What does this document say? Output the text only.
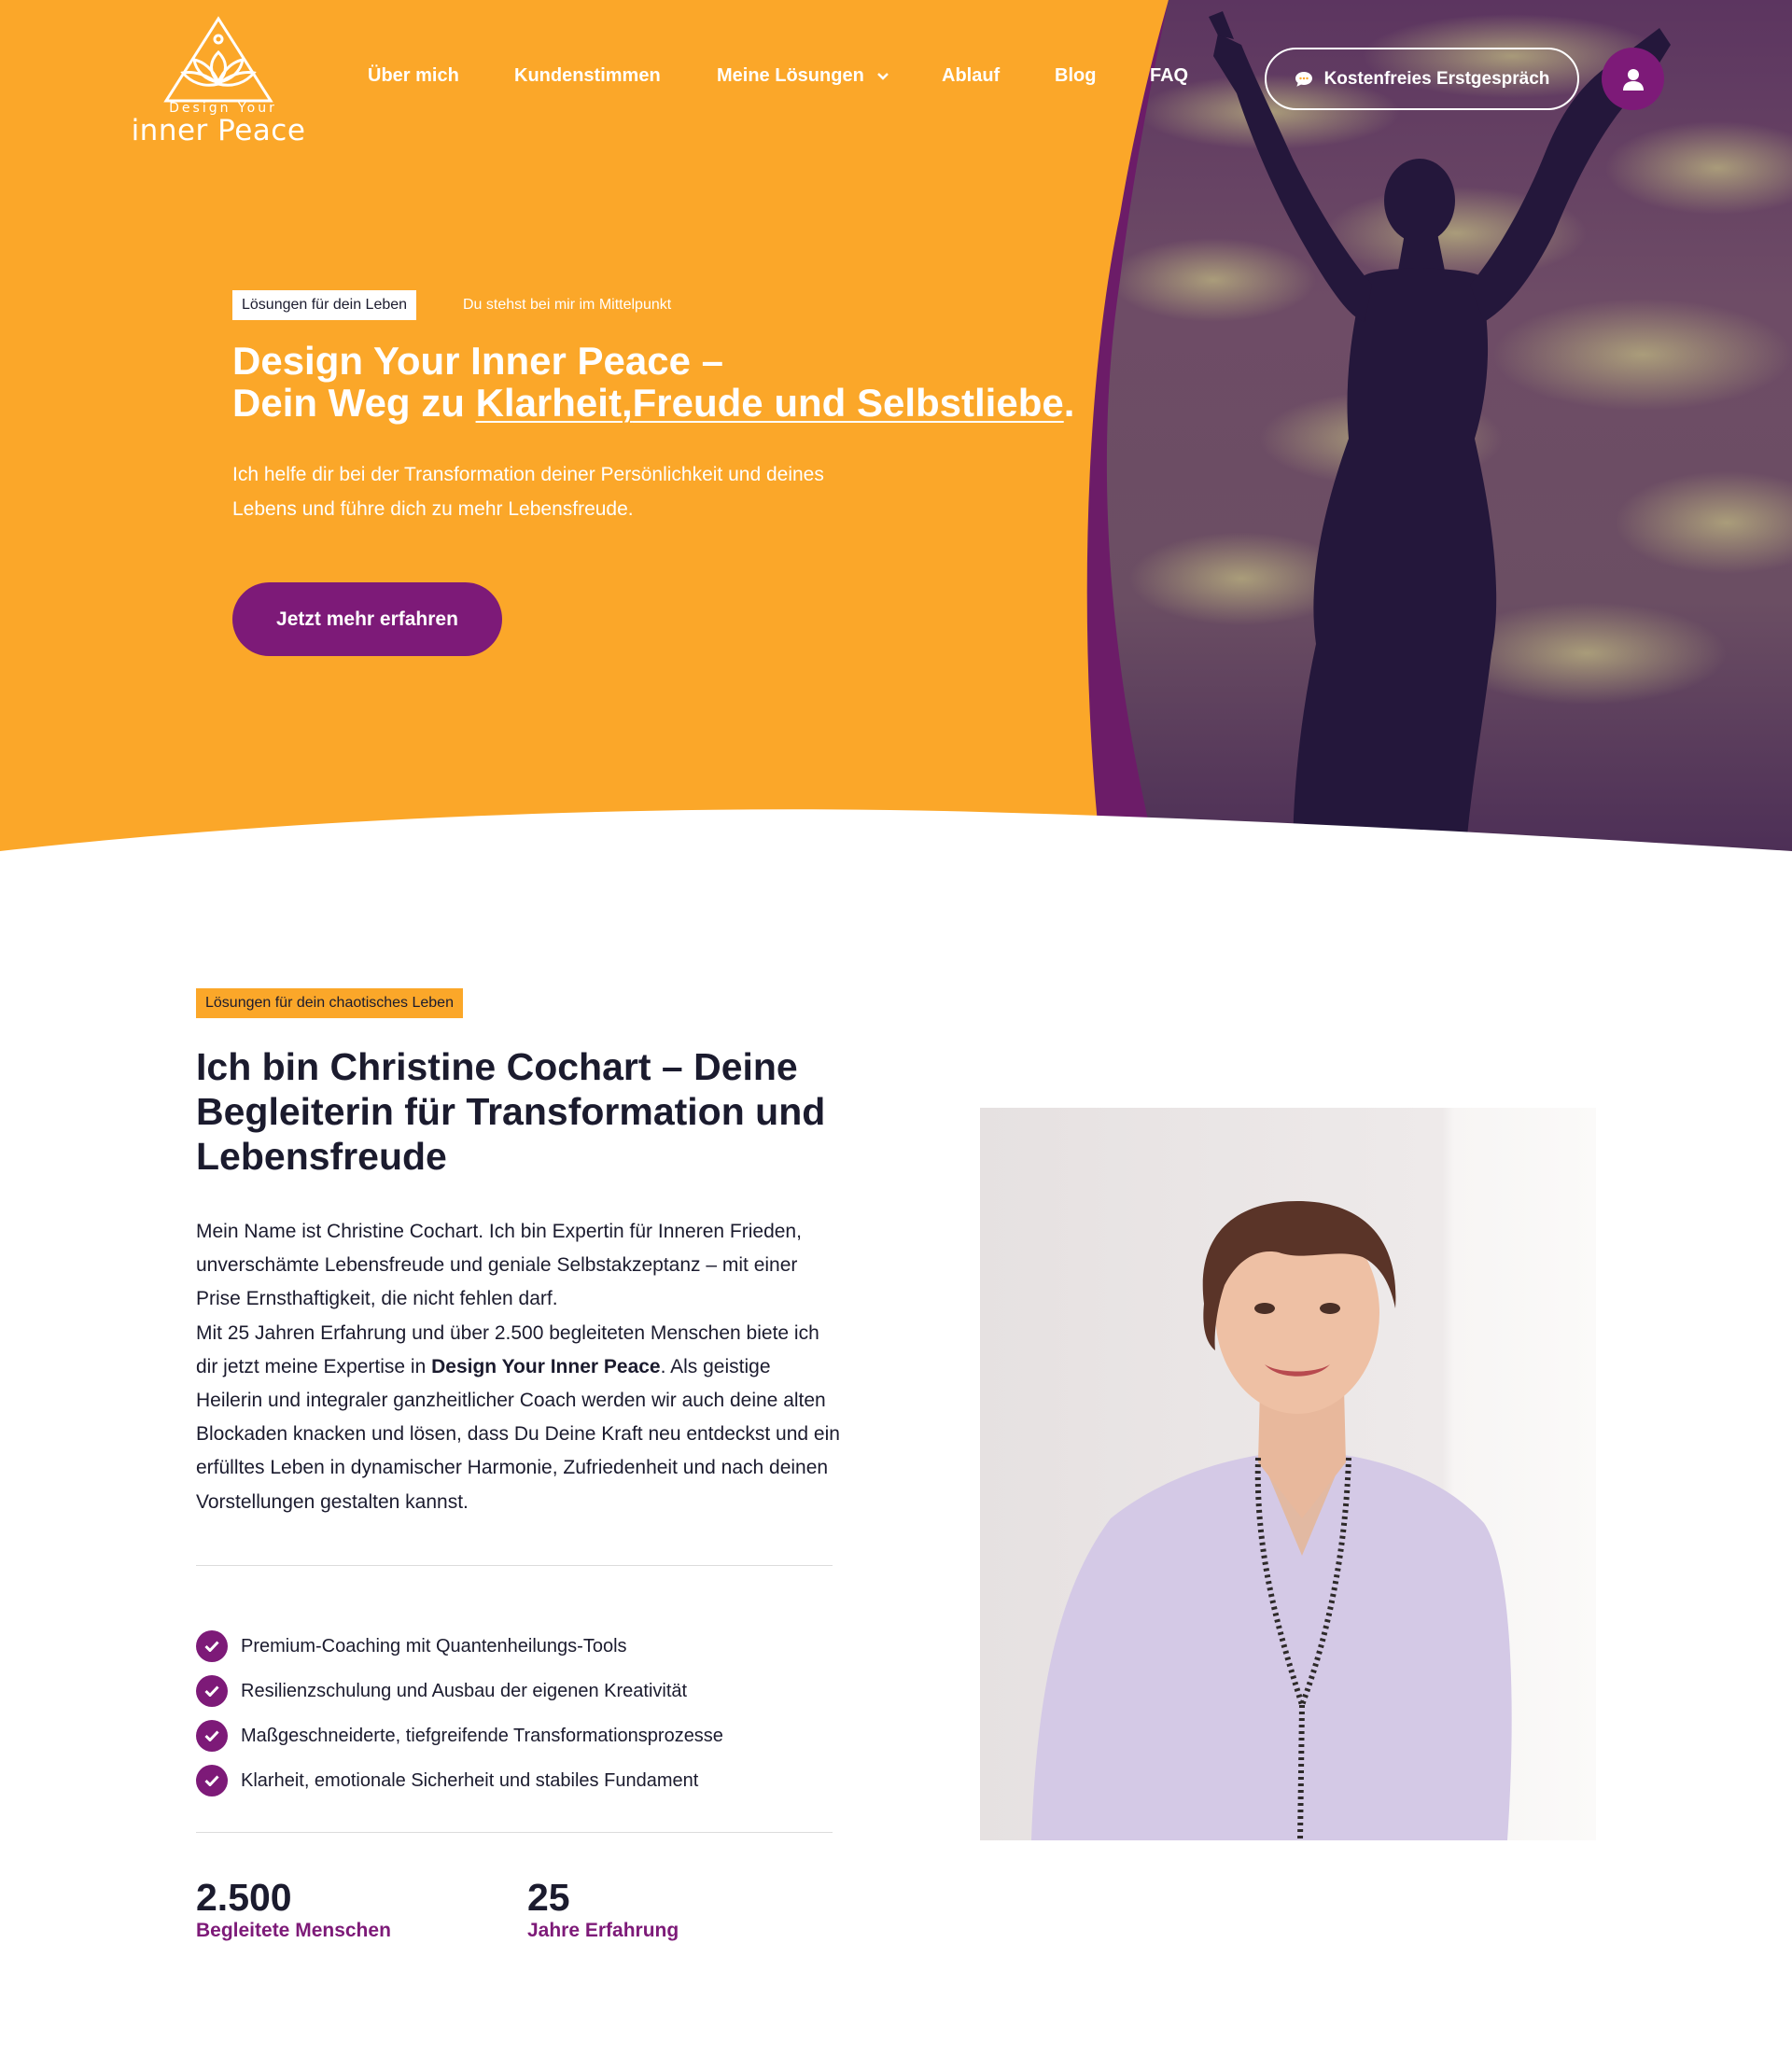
Design Your
inner Peace
Über mich	Kundenstimmen	Meine Lösungen	Ablauf	Blog	FAQ	Kostenfreies Erstgespräch
Lösungen für dein Leben	Du stehst bei mir im Mittelpunkt
Design Your Inner Peace –
Dein Weg zu Klarheit,Freude und Selbstliebe.

Ich helfe dir bei der Transformation deiner Persönlichkeit und deines Lebens und führe dich zu mehr Lebensfreude.

Jetzt mehr erfahren
Lösungen für dein chaotisches Leben
Ich bin Christine Cochart – Deine Begleiterin für Transformation und Lebensfreude

Mein Name ist Christine Cochart. Ich bin Expertin für Inneren Frieden, unverschämte Lebensfreude und geniale Selbstakzeptanz – mit einer Prise Ernsthaftigkeit, die nicht fehlen darf.
Mit 25 Jahren Erfahrung und über 2.500 begleiteten Menschen biete ich dir jetzt meine Expertise in Design Your Inner Peace. Als geistige Heilerin und integraler ganzheitlicher Coach werden wir auch deine alten Blockaden knacken und lösen, dass Du Deine Kraft neu entdeckst und ein erfülltes Leben in dynamischer Harmonie, Zufriedenheit und nach deinen Vorstellungen gestalten kannst.

Premium-Coaching mit Quantenheilungs-Tools
Resilienzschulung und Ausbau der eigenen Kreativität
Maßgeschneiderte, tiefgreifende Transformationsprozesse
Klarheit, emotionale Sicherheit und stabiles Fundament
2.500
Begleitete Menschen
25
Jahre Erfahrung
